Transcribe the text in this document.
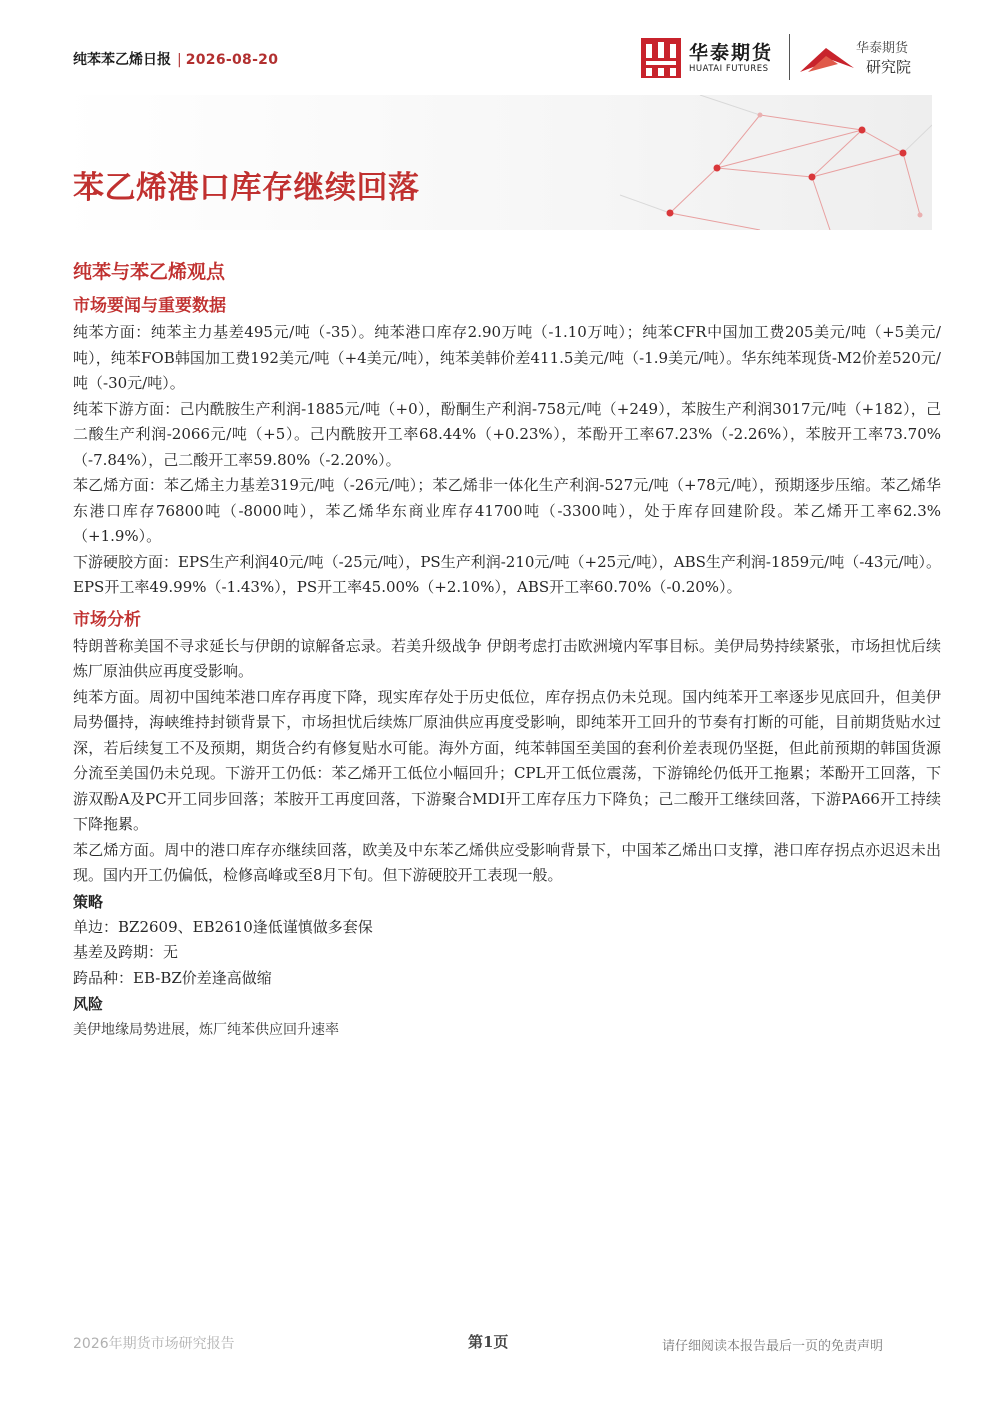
纯苯苯乙烯日报 | 2026-08-20	华泰期货
HUATAI FUTURES
华泰期货
研究院
苯乙烯港口库存继续回落
纯苯与苯乙烯观点
市场要闻与重要数据

纯苯方面：纯苯主力基差495元/吨（-35）。纯苯港口库存2.90万吨（-1.10万吨）；纯苯CFR中国加工费205美元/吨（+5美元/吨），纯苯FOB韩国加工费192美元/吨（+4美元/吨），纯苯美韩价差411.5美元/吨（-1.9美元/吨）。华东纯苯现货-M2价差520元/吨（-30元/吨）。

纯苯下游方面：己内酰胺生产利润-1885元/吨（+0），酚酮生产利润-758元/吨（+249），苯胺生产利润3017元/吨（+182），己二酸生产利润-2066元/吨（+5）。己内酰胺开工率68.44%（+0.23%），苯酚开工率67.23%（-2.26%），苯胺开工率73.70%（-7.84%），己二酸开工率59.80%（-2.20%）。

苯乙烯方面：苯乙烯主力基差319元/吨（-26元/吨）；苯乙烯非一体化生产利润-527元/吨（+78元/吨），预期逐步压缩。苯乙烯华东港口库存76800吨（-8000吨），苯乙烯华东商业库存41700吨（-3300吨），处于库存回建阶段。苯乙烯开工率62.3%（+1.9%）。

下游硬胶方面：EPS生产利润40元/吨（-25元/吨），PS生产利润-210元/吨（+25元/吨），ABS生产利润-1859元/吨（-43元/吨）。EPS开工率49.99%（-1.43%），PS开工率45.00%（+2.10%），ABS开工率60.70%（-0.20%）。

市场分析

特朗普称美国不寻求延长与伊朗的谅解备忘录。若美升级战争 伊朗考虑打击欧洲境内军事目标。美伊局势持续紧张，市场担忧后续炼厂原油供应再度受影响。

纯苯方面。周初中国纯苯港口库存再度下降，现实库存处于历史低位，库存拐点仍未兑现。国内纯苯开工率逐步见底回升，但美伊局势僵持，海峡维持封锁背景下，市场担忧后续炼厂原油供应再度受影响，即纯苯开工回升的节奏有打断的可能，目前期货贴水过深，若后续复工不及预期，期货合约有修复贴水可能。海外方面，纯苯韩国至美国的套利价差表现仍坚挺，但此前预期的韩国货源分流至美国仍未兑现。下游开工仍低：苯乙烯开工低位小幅回升；CPL开工低位震荡，下游锦纶仍低开工拖累；苯酚开工回落，下游双酚A及PC开工同步回落；苯胺开工再度回落，下游聚合MDI开工库存压力下降负；己二酸开工继续回落，下游PA66开工持续下降拖累。

苯乙烯方面。周中的港口库存亦继续回落，欧美及中东苯乙烯供应受影响背景下，中国苯乙烯出口支撑，港口库存拐点亦迟迟未出现。国内开工仍偏低，检修高峰或至8月下旬。但下游硬胶开工表现一般。

策略

单边：BZ2609、EB2610逢低谨慎做多套保

基差及跨期：无

跨品种：EB-BZ价差逢高做缩

风险

美伊地缘局势进展，炼厂纯苯供应回升速率

2026年期货市场研究报告	第1页	请仔细阅读本报告最后一页的免责声明
